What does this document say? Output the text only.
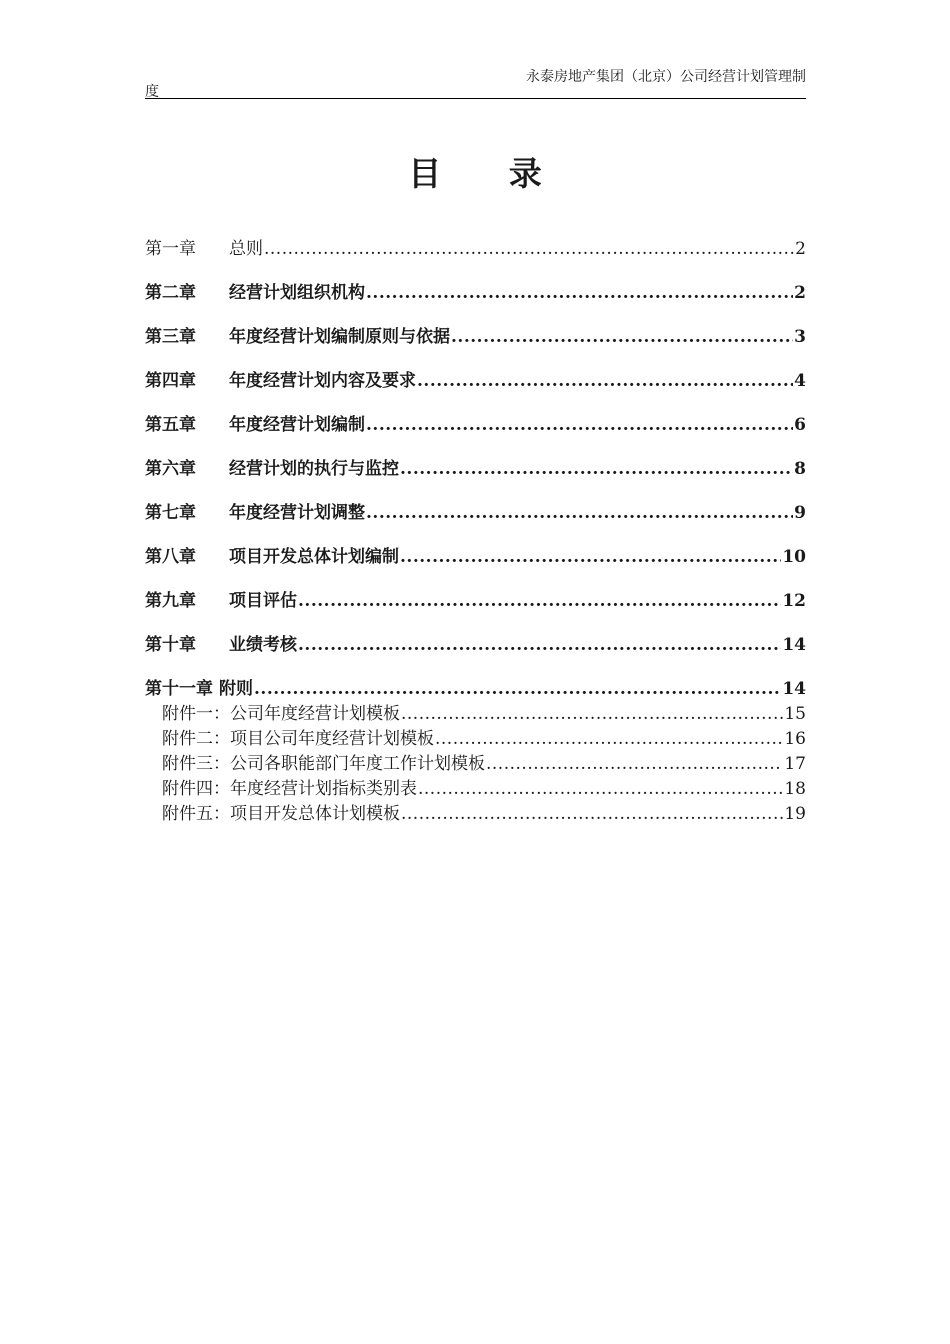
永泰房地产集团（北京）公司经营计划管理制
度
目 录
第一章	总则 .....	2
第二章	经营计划组织机构 .....	2
第三章	年度经营计划编制原则与依据 .....	3
第四章	年度经营计划内容及要求 .....	4
第五章	年度经营计划编制 .....	6
第六章	经营计划的执行与监控 .....	8
第七章	年度经营计划调整 .....	9
第八章	项目开发总体计划编制 .....	10
第九章	项目评估 .....	12
第十章	业绩考核 .....	14
第十一章 附则 .....	14
附件一：公司年度经营计划模板 .....	15
附件二：项目公司年度经营计划模板 .....	16
附件三：公司各职能部门年度工作计划模板 .....	17
附件四：年度经营计划指标类别表 .....	18
附件五：项目开发总体计划模板 .....	19
